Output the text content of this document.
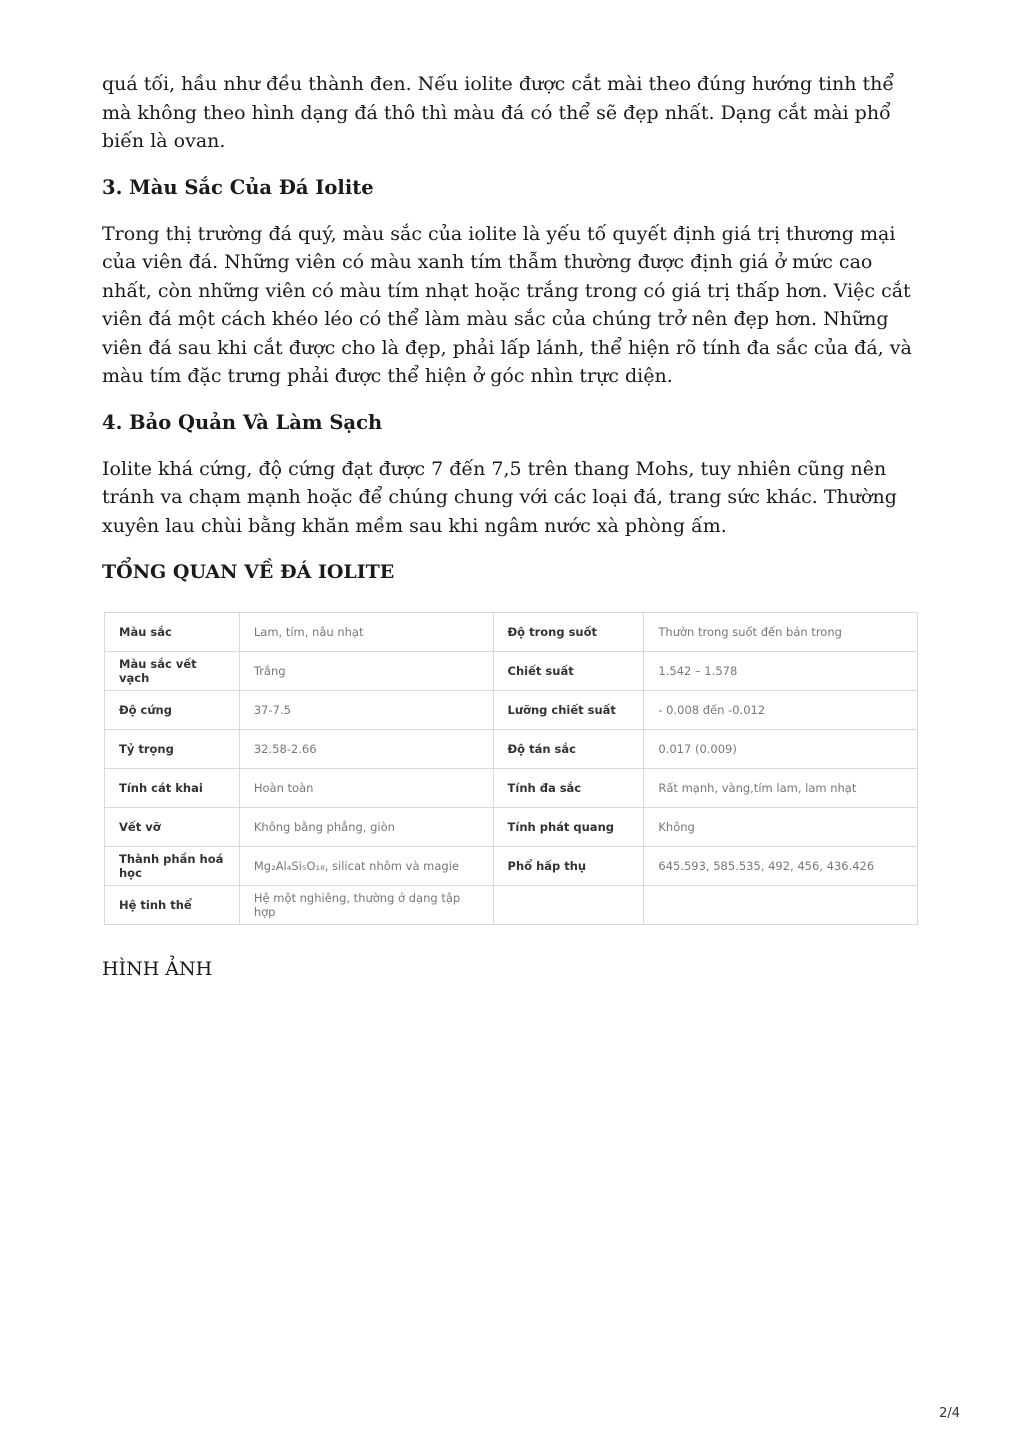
quá tối, hầu như đều thành đen. Nếu iolite được cắt mài theo đúng hướng tinh thể mà không theo hình dạng đá thô thì màu đá có thể sẽ đẹp nhất. Dạng cắt mài phổ biến là ovan.

3. Màu Sắc Của Đá Iolite

Trong thị trường đá quý, màu sắc của iolite là yếu tố quyết định giá trị thương mại của viên đá. Những viên có màu xanh tím thẫm thường được định giá ở mức cao nhất, còn những viên có màu tím nhạt hoặc trắng trong có giá trị thấp hơn. Việc cắt viên đá một cách khéo léo có thể làm màu sắc của chúng trở nên đẹp hơn. Những viên đá sau khi cắt được cho là đẹp, phải lấp lánh, thể hiện rõ tính đa sắc của đá, và màu tím đặc trưng phải được thể hiện ở góc nhìn trực diện.

4. Bảo Quản Và Làm Sạch

Iolite khá cứng, độ cứng đạt được 7 đến 7,5 trên thang Mohs, tuy nhiên cũng nên tránh va chạm mạnh hoặc để chúng chung với các loại đá, trang sức khác. Thường xuyên lau chùi bằng khăn mềm sau khi ngâm nước xà phòng ấm.

TỔNG QUAN VỀ ĐÁ IOLITE
Màu sắc	Lam, tím, nâu nhạt	Độ trong suốt	Thườn trong suốt đến bán trong
Màu sắc vết vạch	Trắng	Chiết suất	1.542 – 1.578
Độ cứng	37-7.5	Lưỡng chiết suất	- 0.008 đến -0.012
Tỷ trọng	32.58-2.66	Độ tán sắc	0.017 (0.009)
Tính cát khai	Hoàn toàn	Tính đa sắc	Rất mạnh, vàng,tím lam, lam nhạt
Vết vỡ	Không bằng phẳng, giòn	Tính phát quang	Không
Thành phần hoá học	Mg₂Al₄Si₅O₁₈, silicat nhôm và magie	Phổ hấp thụ	645.593, 585.535, 492, 456, 436.426
Hệ tinh thể	Hệ một nghiêng, thường ở dạng tập hợp		

HÌNH ẢNH

2/4
